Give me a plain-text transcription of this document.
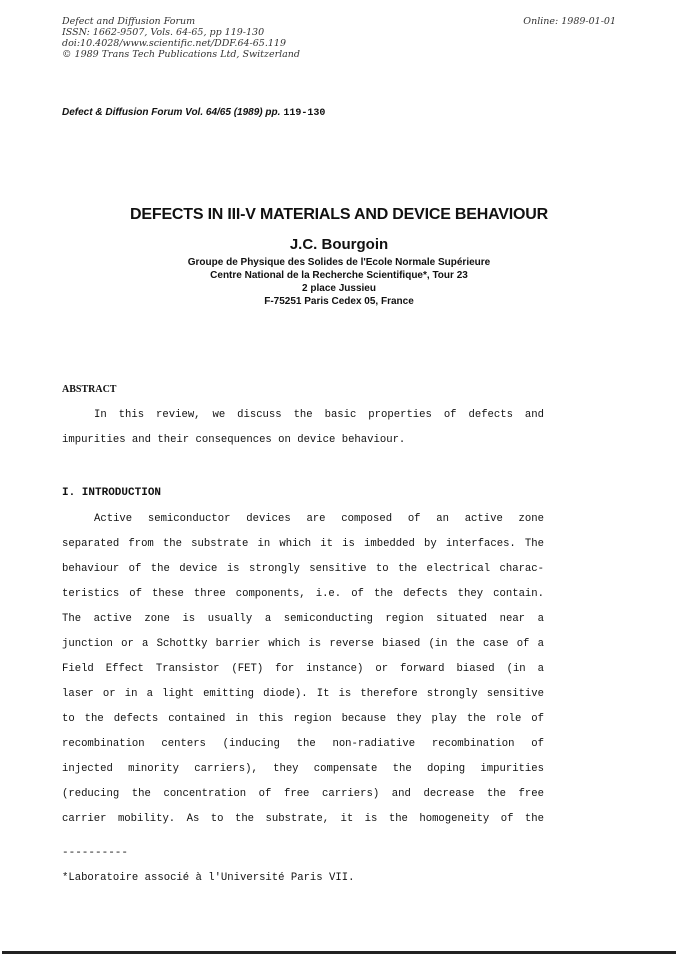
Defect and Diffusion Forum
ISSN: 1662-9507, Vols. 64-65, pp 119-130
doi:10.4028/www.scientific.net/DDF.64-65.119
© 1989 Trans Tech Publications Ltd, Switzerland
Online: 1989-01-01
Defect & Diffusion Forum Vol. 64/65 (1989) pp. 119-130
DEFECTS IN III-V MATERIALS AND DEVICE BEHAVIOUR
J.C. Bourgoin
Groupe de Physique des Solides de l'Ecole Normale Supérieure
Centre National de la Recherche Scientifique*, Tour 23
2 place Jussieu
F-75251 Paris Cedex 05, France
ABSTRACT
In this review, we discuss the basic properties of defects and
impurities and their consequences on device behaviour.
I. INTRODUCTION
Active semiconductor devices are composed of an active zone
separated from the substrate in which it is imbedded by interfaces. The
behaviour of the device is strongly sensitive to the electrical charac-
teristics of these three components, i.e. of the defects they contain.
The active zone is usually a semiconducting region situated near a
junction or a Schottky barrier which is reverse biased (in the case of a
Field Effect Transistor (FET) for instance) or forward biased (in a
laser or in a light emitting diode). It is therefore strongly sensitive
to the defects contained in this region because they play the role of
recombination centers (inducing the non-radiative recombination of
injected minority carriers), they compensate the doping impurities
(reducing the concentration of free carriers) and decrease the free
carrier mobility. As to the substrate, it is the homogeneity of the
----------
*Laboratoire associé à l'Université Paris VII.
